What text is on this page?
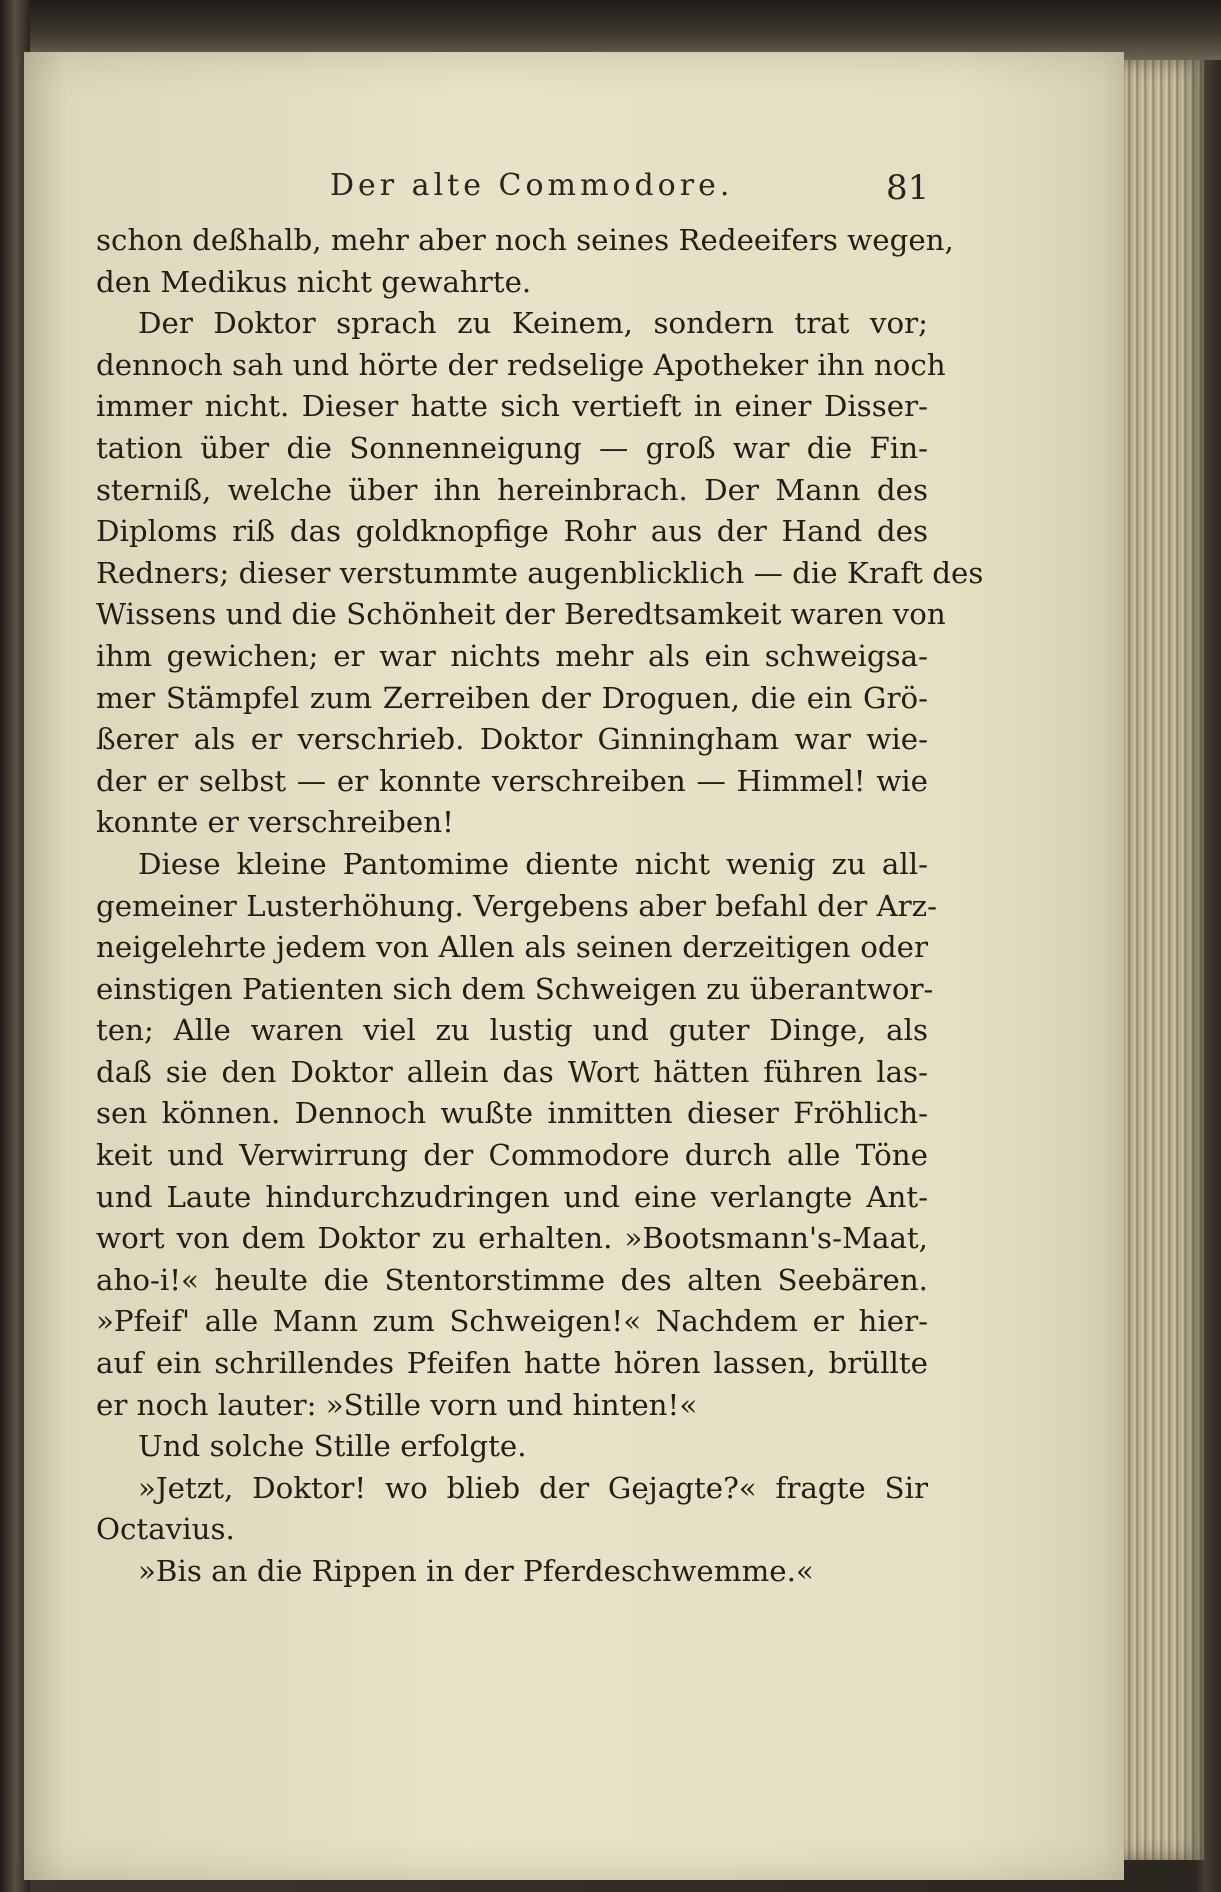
Der alte Commodore.	81
schon deßhalb, mehr aber noch seines Redeeifers wegen,
den Medikus nicht gewahrte.
Der Doktor sprach zu Keinem, sondern trat vor;
dennoch sah und hörte der redselige Apotheker ihn noch
immer nicht. Dieser hatte sich vertieft in einer Disser-
tation über die Sonnenneigung — groß war die Fin-
sterniß, welche über ihn hereinbrach. Der Mann des
Diploms riß das goldknopfige Rohr aus der Hand des
Redners; dieser verstummte augenblicklich — die Kraft des
Wissens und die Schönheit der Beredtsamkeit waren von
ihm gewichen; er war nichts mehr als ein schweigsa-
mer Stämpfel zum Zerreiben der Droguen, die ein Grö-
ßerer als er verschrieb. Doktor Ginningham war wie-
der er selbst — er konnte verschreiben — Himmel! wie
konnte er verschreiben!
Diese kleine Pantomime diente nicht wenig zu all-
gemeiner Lusterhöhung. Vergebens aber befahl der Arz-
neigelehrte jedem von Allen als seinen derzeitigen oder
einstigen Patienten sich dem Schweigen zu überantwor-
ten; Alle waren viel zu lustig und guter Dinge, als
daß sie den Doktor allein das Wort hätten führen las-
sen können. Dennoch wußte inmitten dieser Fröhlich-
keit und Verwirrung der Commodore durch alle Töne
und Laute hindurchzudringen und eine verlangte Ant-
wort von dem Doktor zu erhalten. »Bootsmann's-Maat,
aho-i!« heulte die Stentorstimme des alten Seebären.
»Pfeif' alle Mann zum Schweigen!« Nachdem er hier-
auf ein schrillendes Pfeifen hatte hören lassen, brüllte
er noch lauter: »Stille vorn und hinten!«
Und solche Stille erfolgte.
»Jetzt, Doktor! wo blieb der Gejagte?« fragte Sir
Octavius.
»Bis an die Rippen in der Pferdeschwemme.«
